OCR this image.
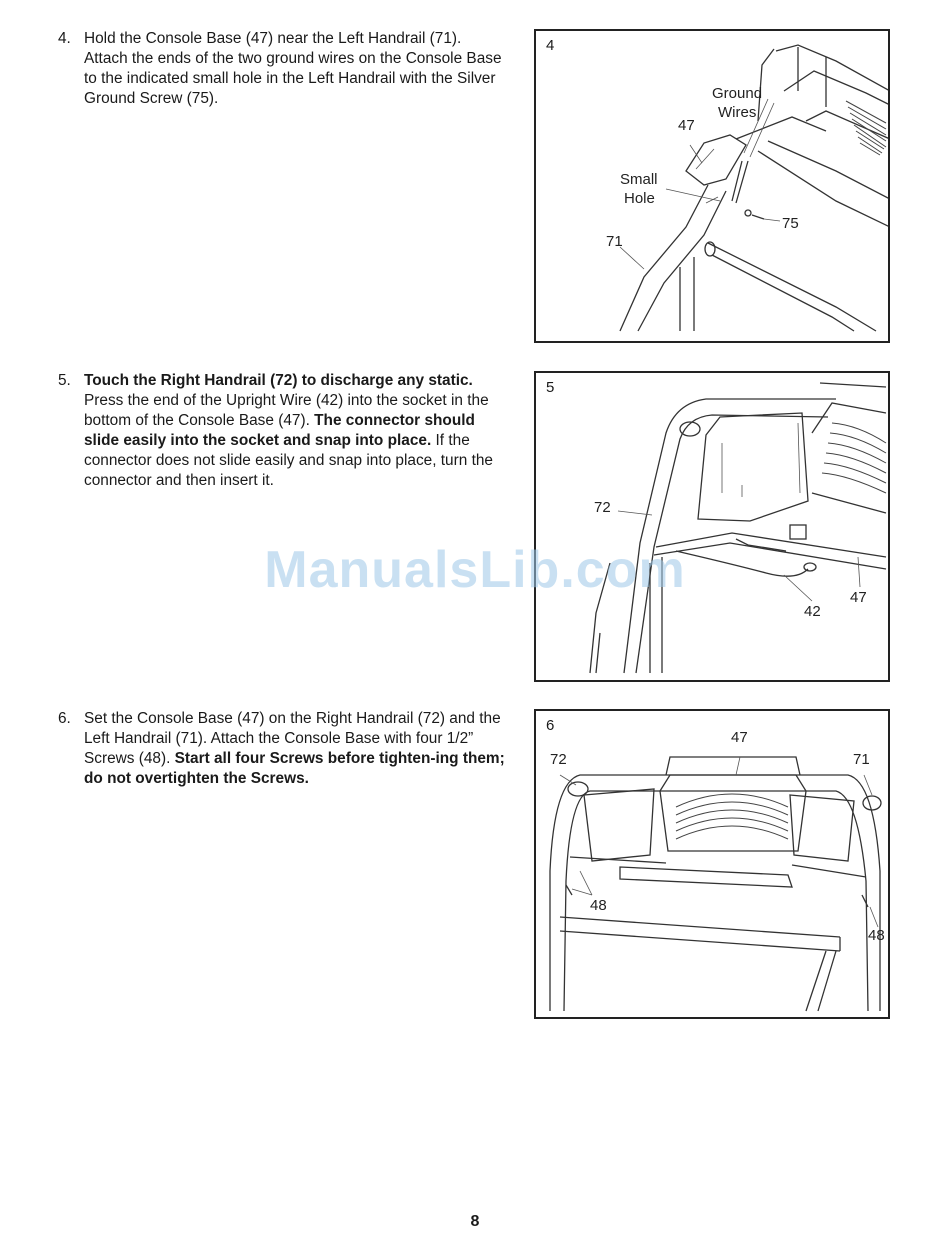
4. Hold the Console Base (47) near the Left Handrail (71). Attach the ends of the two ground wires on the Console Base to the indicated small hole in the Left Handrail with the Silver Ground Screw (75).
4
Ground
Wires
47
Small
Hole
75
71
5. Touch the Right Handrail (72) to discharge any static. Press the end of the Upright Wire (42) into the socket in the bottom of the Console Base (47). The connector should slide easily into the socket and snap into place. If the connector does not slide easily and snap into place, turn the connector and then insert it.
5
72
47
42
6. Set the Console Base (47) on the Right Handrail (72) and the Left Handrail (71). Attach the Console Base with four 1/2” Screws (48). Start all four Screws before tighten-ing them; do not overtighten the Screws.
6
47
72	71
48
48
ManualsLib.com
8
